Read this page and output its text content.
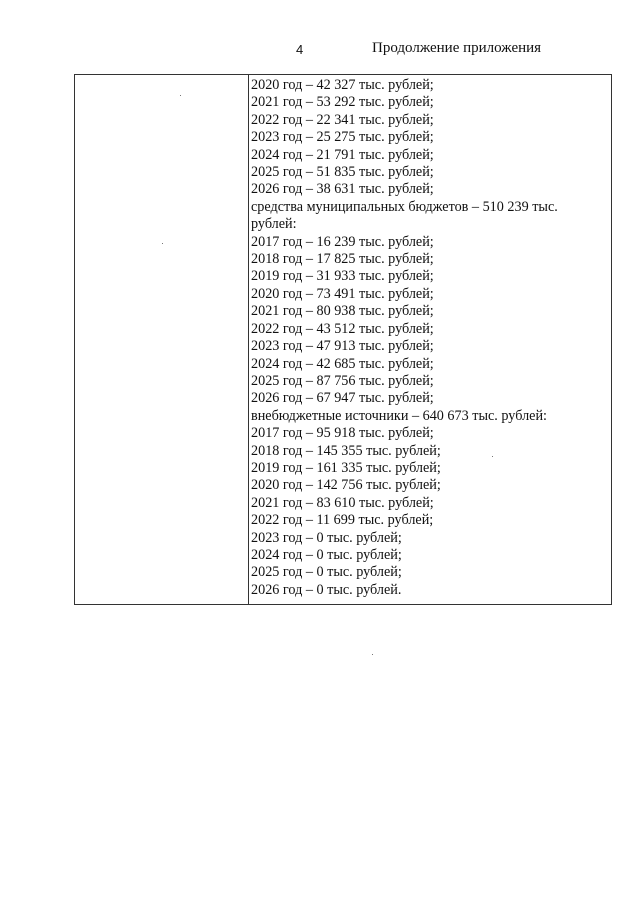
4	Продолжение приложения
2020 год – 42 327 тыс. рублей;
2021 год – 53 292 тыс. рублей;
2022 год – 22 341 тыс. рублей;
2023 год – 25 275 тыс. рублей;
2024 год – 21 791 тыс. рублей;
2025 год – 51 835 тыс. рублей;
2026 год – 38 631 тыс. рублей;
средства муниципальных бюджетов – 510 239 тыс.
рублей:
2017 год – 16 239 тыс. рублей;
2018 год – 17 825 тыс. рублей;
2019 год – 31 933 тыс. рублей;
2020 год – 73 491 тыс. рублей;
2021 год – 80 938 тыс. рублей;
2022 год – 43 512 тыс. рублей;
2023 год – 47 913 тыс. рублей;
2024 год – 42 685 тыс. рублей;
2025 год – 87 756 тыс. рублей;
2026 год – 67 947 тыс. рублей;
внебюджетные источники – 640 673 тыс. рублей:
2017 год – 95 918 тыс. рублей;
2018 год – 145 355 тыс. рублей;
2019 год – 161 335 тыс. рублей;
2020 год – 142 756 тыс. рублей;
2021 год – 83 610 тыс. рублей;
2022 год – 11 699 тыс. рублей;
2023 год – 0 тыс. рублей;
2024 год – 0 тыс. рублей;
2025 год – 0 тыс. рублей;
2026 год – 0 тыс. рублей.
